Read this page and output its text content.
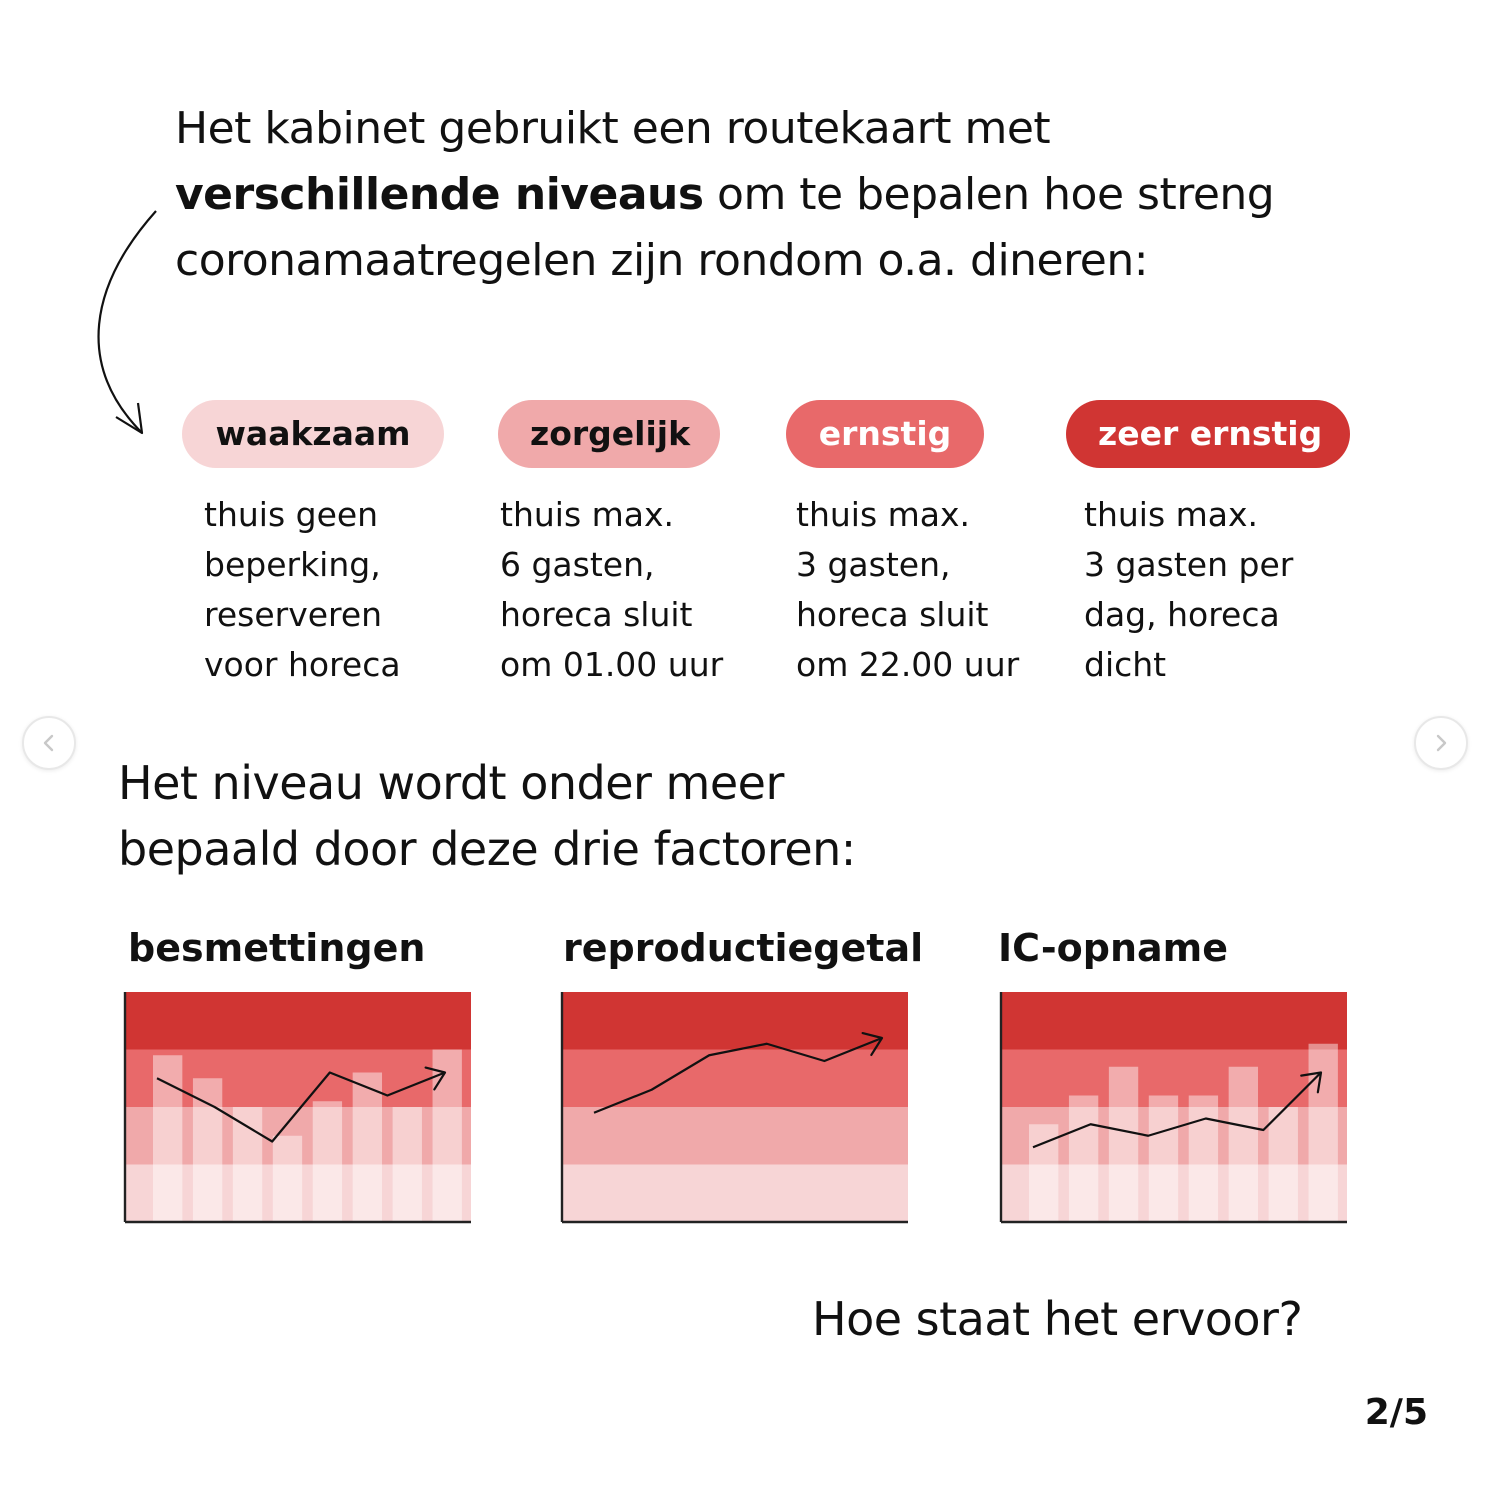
Het kabinet gebruikt een routekaart met
verschillende niveaus om te bepalen hoe streng
coronamaatregelen zijn rondom o.a. dineren:

waakzaam

thuis geen
beperking,
reserveren
voor horeca

zorgelijk

thuis max.
6 gasten,
horeca sluit
om 01.00 uur

ernstig

thuis max.
3 gasten,
horeca sluit
om 22.00 uur

zeer ernstig

thuis max.
3 gasten per
dag, horeca
dicht

Het niveau wordt onder meer
bepaald door deze drie factoren:

besmettingen	reproductiegetal IC-opname

Hoe staat het ervoor?

2/5
